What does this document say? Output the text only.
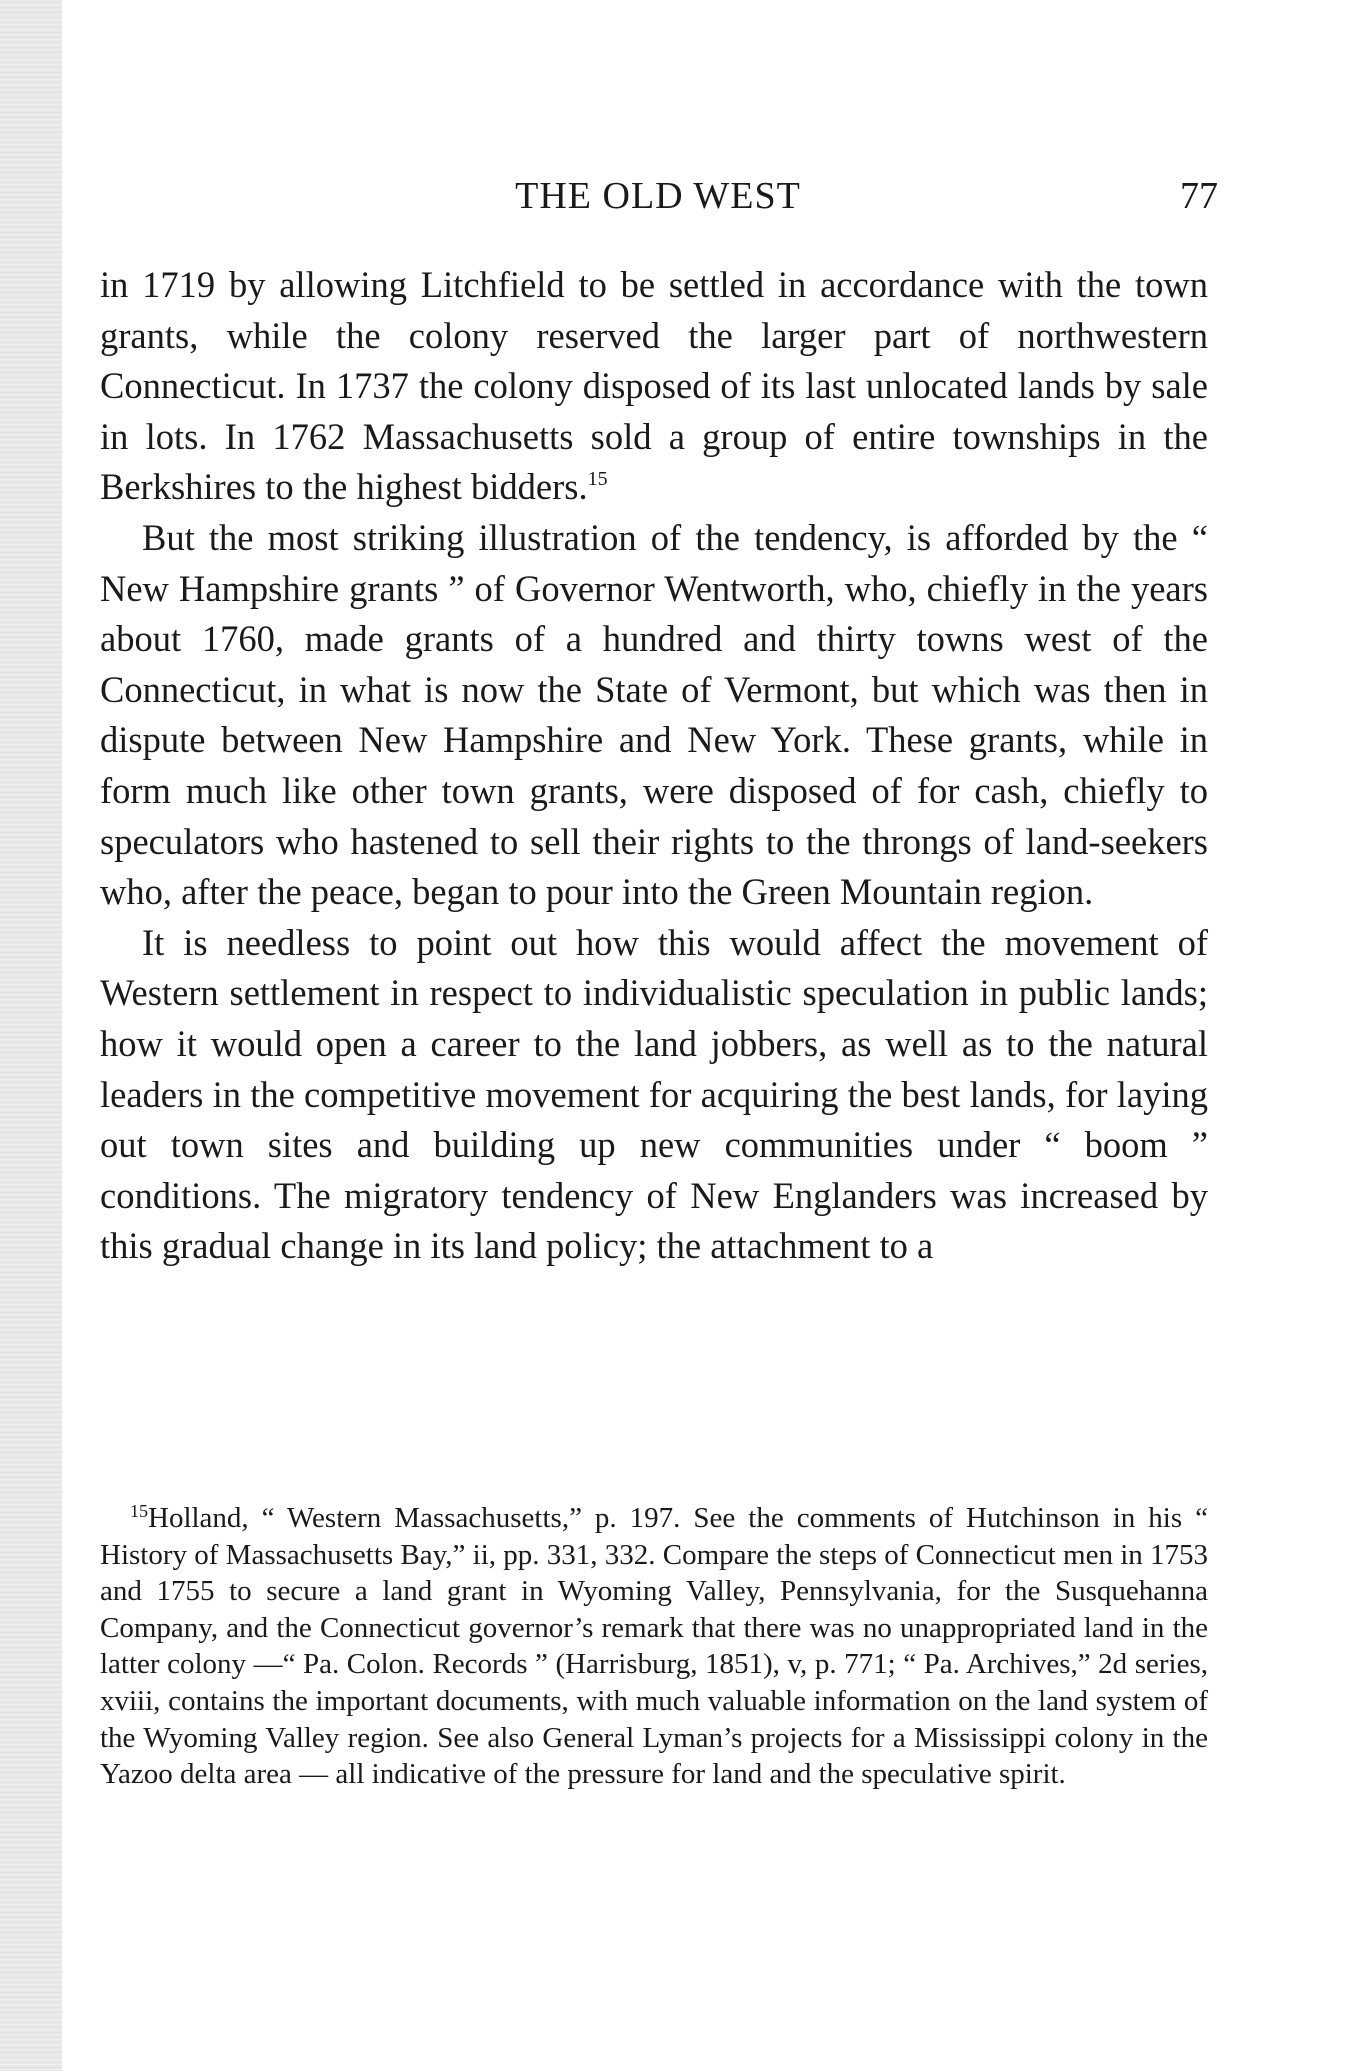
THE OLD WEST	77

in 1719 by allowing Litchfield to be settled in accordance with the town grants, while the colony reserved the larger part of northwestern Connecticut. In 1737 the colony disposed of its last unlocated lands by sale in lots. In 1762 Massachusetts sold a group of entire townships in the Berkshires to the highest bidders.$^{15}$

But the most striking illustration of the tendency, is afforded by the “ New Hampshire grants ” of Governor Wentworth, who, chiefly in the years about 1760, made grants of a hundred and thirty towns west of the Connecticut, in what is now the State of Vermont, but which was then in dispute between New Hampshire and New York. These grants, while in form much like other town grants, were disposed of for cash, chiefly to speculators who hastened to sell their rights to the throngs of land-seekers who, after the peace, began to pour into the Green Mountain region.

It is needless to point out how this would affect the movement of Western settlement in respect to individualistic speculation in public lands; how it would open a career to the land jobbers, as well as to the natural leaders in the competitive movement for acquiring the best lands, for laying out town sites and building up new communities under “ boom ” conditions. The migratory tendency of New Englanders was increased by this gradual change in its land policy; the attachment to a

$^{15}$Holland, “ Western Massachusetts,” p. 197. See the comments of Hutchinson in his “ History of Massachusetts Bay,” ii, pp. 331, 332. Compare the steps of Connecticut men in 1753 and 1755 to secure a land grant in Wyoming Valley, Pennsylvania, for the Susquehanna Company, and the Connecticut governor’s remark that there was no unappropriated land in the latter colony —“ Pa. Colon. Records ” (Harrisburg, 1851), v, p. 771; “ Pa. Archives,” 2d series, xviii, contains the important documents, with much valuable information on the land system of the Wyoming Valley region. See also General Lyman’s projects for a Mississippi colony in the Yazoo delta area — all indicative of the pressure for land and the speculative spirit.
